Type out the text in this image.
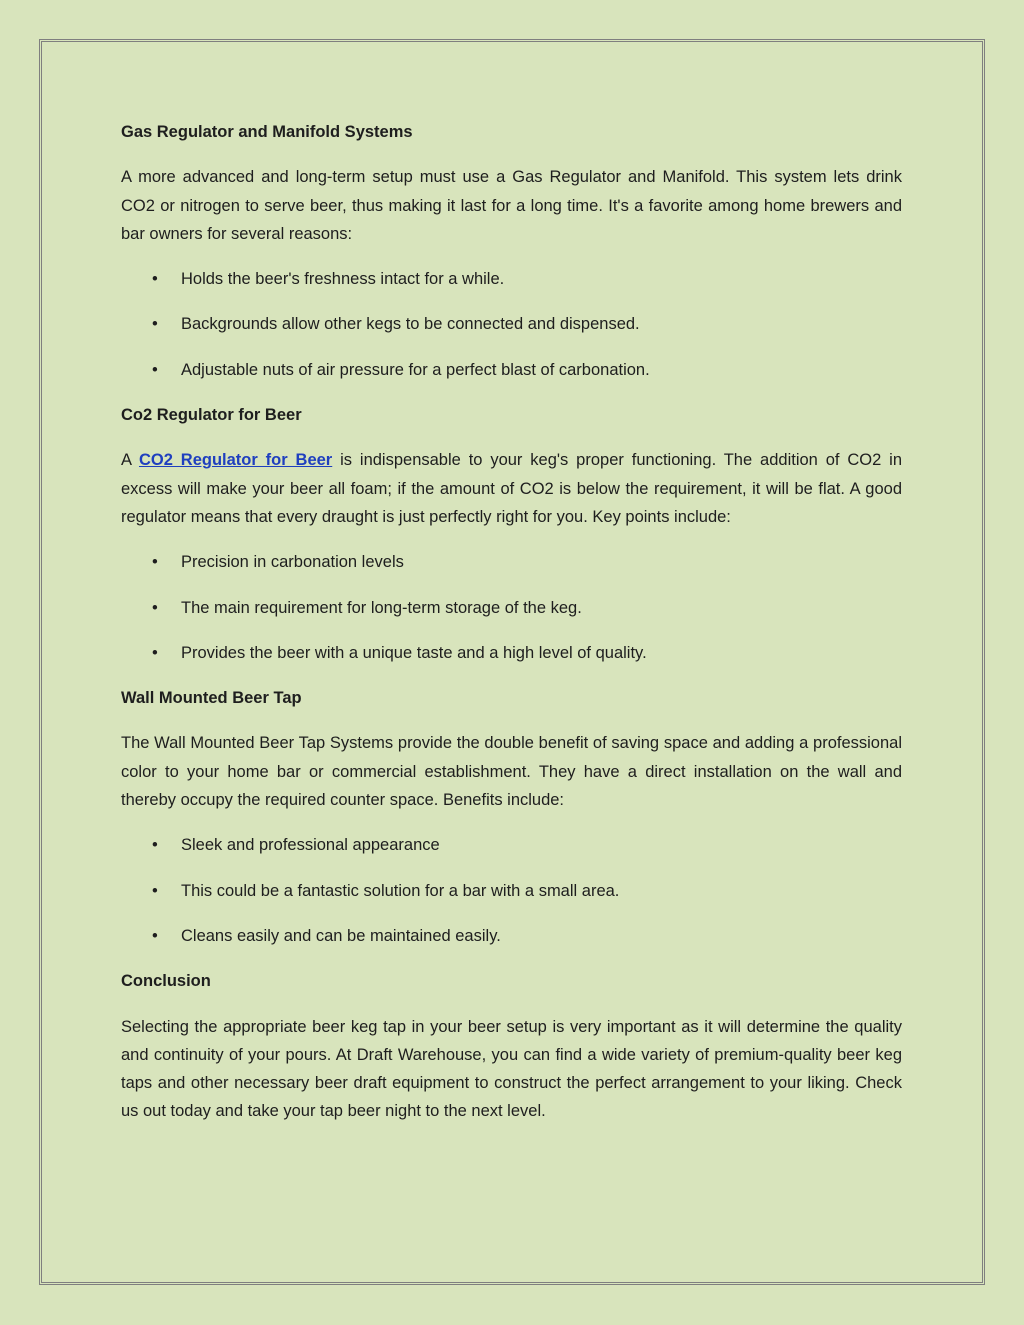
Gas Regulator and Manifold Systems
A more advanced and long-term setup must use a Gas Regulator and Manifold. This system lets drink CO2 or nitrogen to serve beer, thus making it last for a long time. It's a favorite among home brewers and bar owners for several reasons:
• Holds the beer's freshness intact for a while.
• Backgrounds allow other kegs to be connected and dispensed.
• Adjustable nuts of air pressure for a perfect blast of carbonation.
Co2 Regulator for Beer
A CO2 Regulator for Beer is indispensable to your keg's proper functioning. The addition of CO2 in excess will make your beer all foam; if the amount of CO2 is below the requirement, it will be flat. A good regulator means that every draught is just perfectly right for you. Key points include:
• Precision in carbonation levels
• The main requirement for long-term storage of the keg.
• Provides the beer with a unique taste and a high level of quality.
Wall Mounted Beer Tap
The Wall Mounted Beer Tap Systems provide the double benefit of saving space and adding a professional color to your home bar or commercial establishment. They have a direct installation on the wall and thereby occupy the required counter space. Benefits include:
• Sleek and professional appearance
• This could be a fantastic solution for a bar with a small area.
• Cleans easily and can be maintained easily.
Conclusion
Selecting the appropriate beer keg tap in your beer setup is very important as it will determine the quality and continuity of your pours. At Draft Warehouse, you can find a wide variety of premium-quality beer keg taps and other necessary beer draft equipment to construct the perfect arrangement to your liking. Check us out today and take your tap beer night to the next level.
